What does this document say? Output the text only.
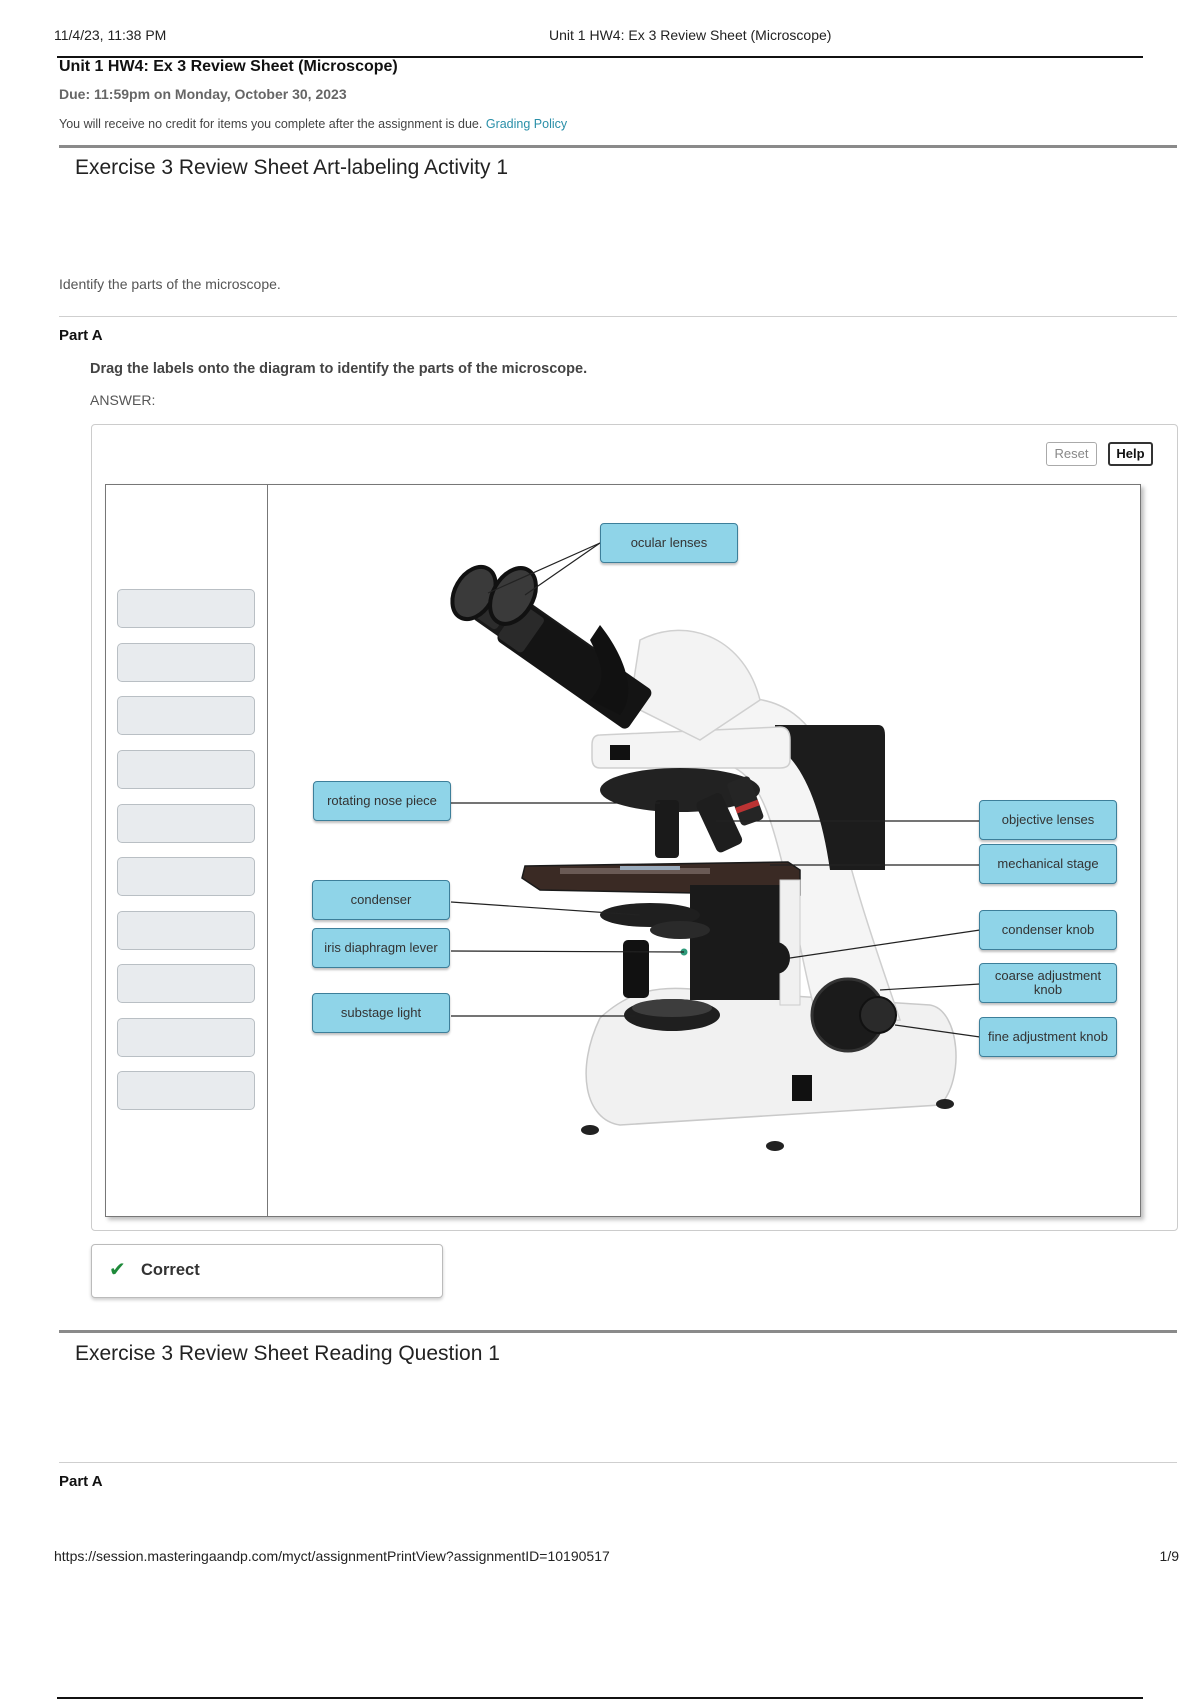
11/4/23, 11:38 PM	Unit 1 HW4: Ex 3 Review Sheet (Microscope)
Unit 1 HW4: Ex 3 Review Sheet (Microscope)
Due: 11:59pm on Monday, October 30, 2023
You will receive no credit for items you complete after the assignment is due. Grading Policy
Exercise 3 Review Sheet Art-labeling Activity 1
Identify the parts of the microscope.
Part A
Drag the labels onto the diagram to identify the parts of the microscope.
ANSWER:
Reset	Help
ocular lenses
rotating nose piece
condenser
iris diaphragm lever
substage light
objective lenses
mechanical stage
condenser knob
coarse adjustment
knob
fine adjustment knob
✔ Correct
Exercise 3 Review Sheet Reading Question 1
Part A
https://session.masteringaandp.com/myct/assignmentPrintView?assignmentID=10190517	1/9
